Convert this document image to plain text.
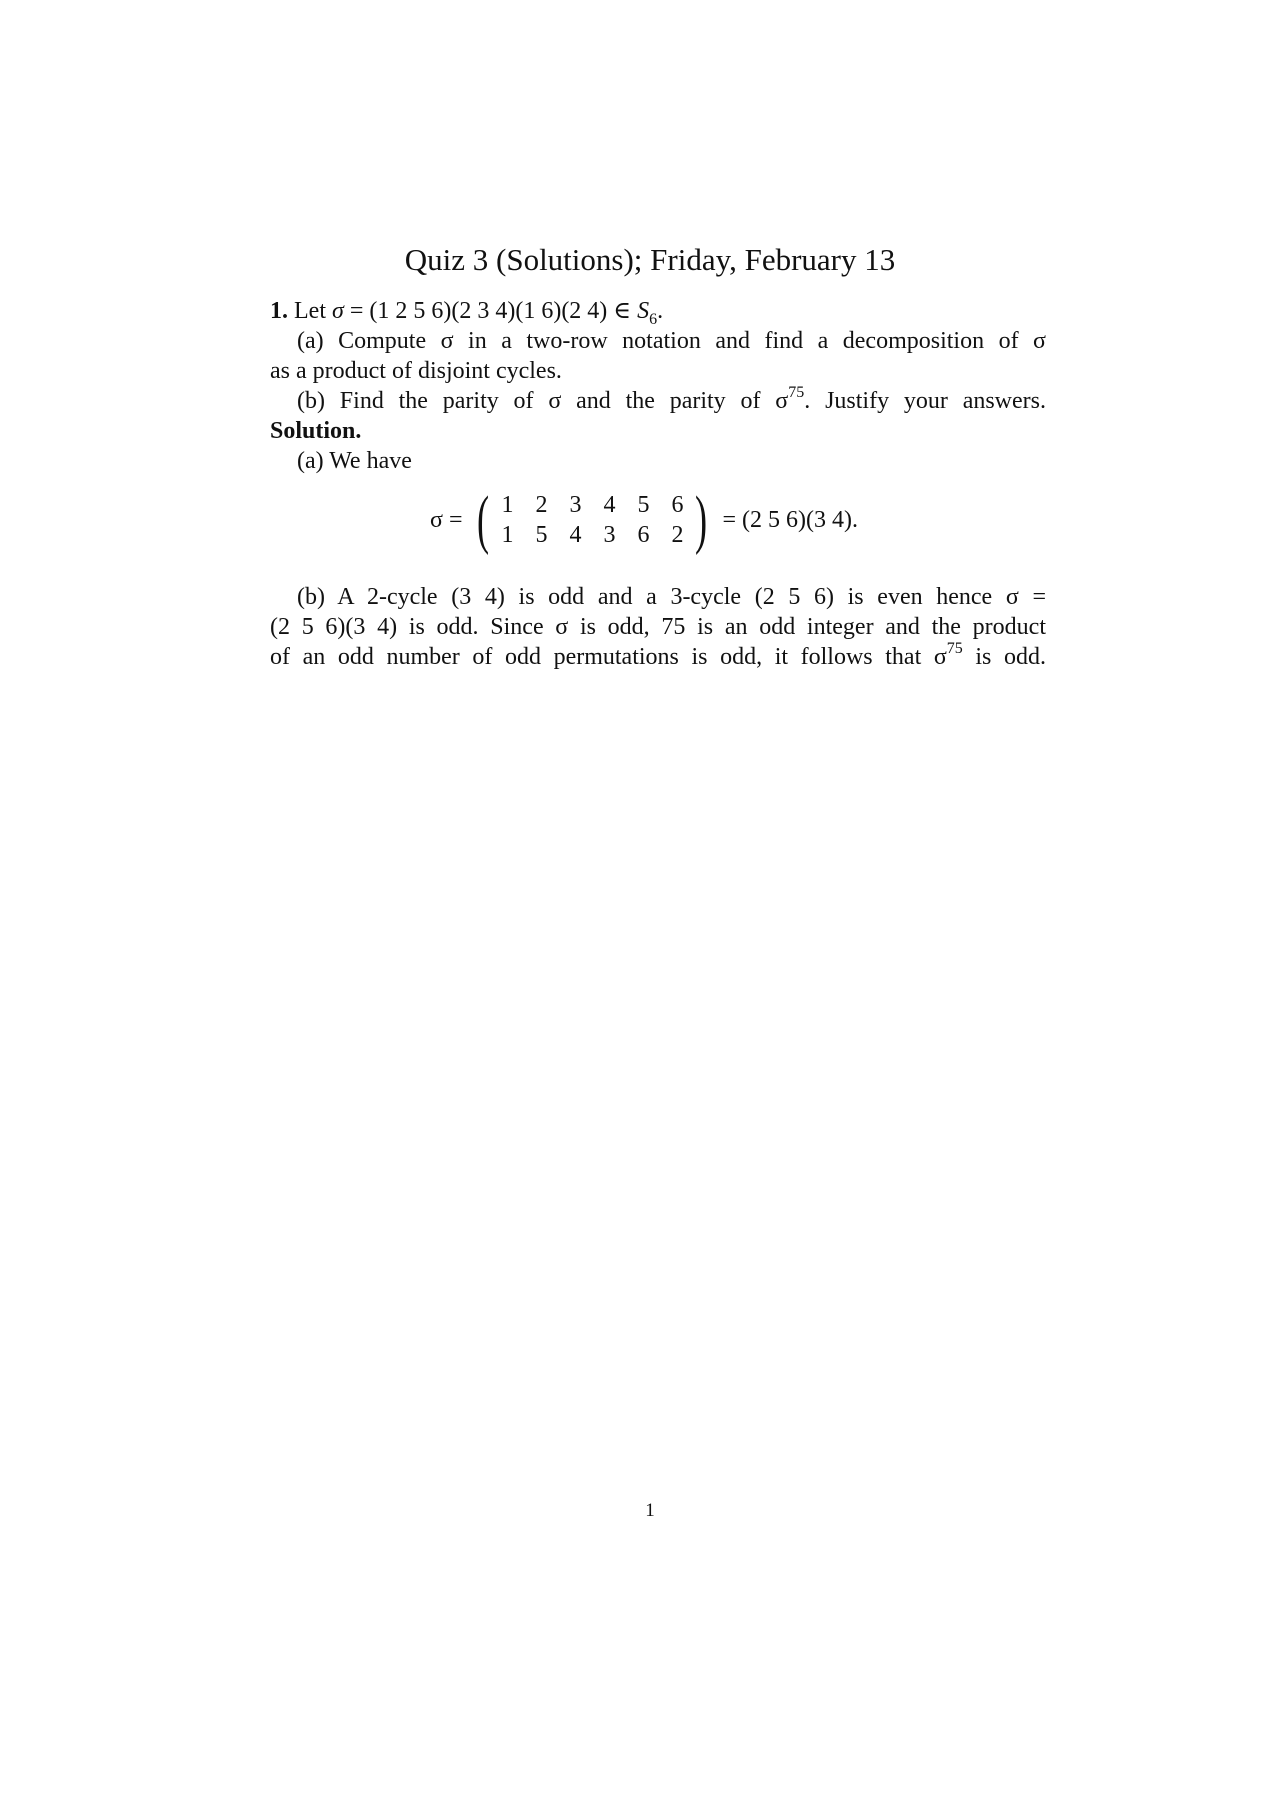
Quiz 3 (Solutions); Friday, February 13
1. Let σ = (1 2 5 6)(2 3 4)(1 6)(2 4) ∈ $S_6$.
(a) Compute σ in a two-row notation and find a decomposition of σ
as a product of disjoint cycles.
(b) Find the parity of σ and the parity of $\sigma^{75}$. Justify your answers.
Solution.
(a) We have
σ = ( 1 2 3 4 5 6
1 5 4 3 6 2 ) = (2 5 6)(3 4).
(b) A 2-cycle (3 4) is odd and a 3-cycle (2 5 6) is even hence σ =
(2 5 6)(3 4) is odd. Since σ is odd, 75 is an odd integer and the product
of an odd number of odd permutations is odd, it follows that $\sigma^{75}$ is odd.
1
